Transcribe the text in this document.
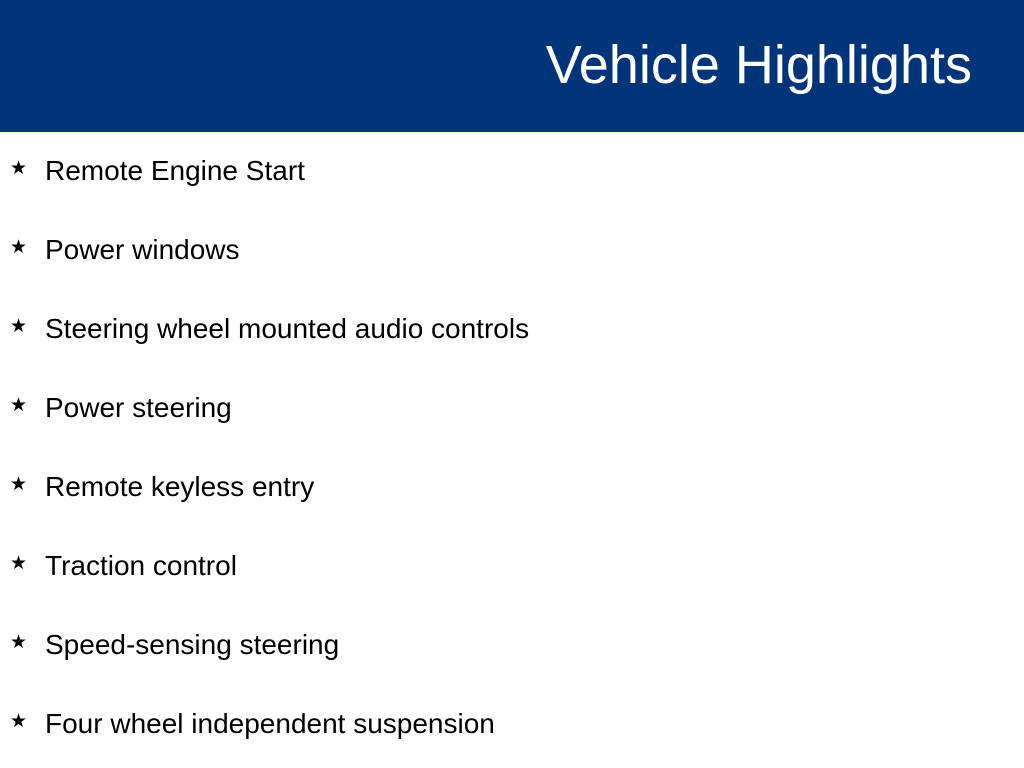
Vehicle Highlights
★ Remote Engine Start
★ Power windows
★ Steering wheel mounted audio controls
★ Power steering
★ Remote keyless entry
★ Traction control
★ Speed-sensing steering
★ Four wheel independent suspension
